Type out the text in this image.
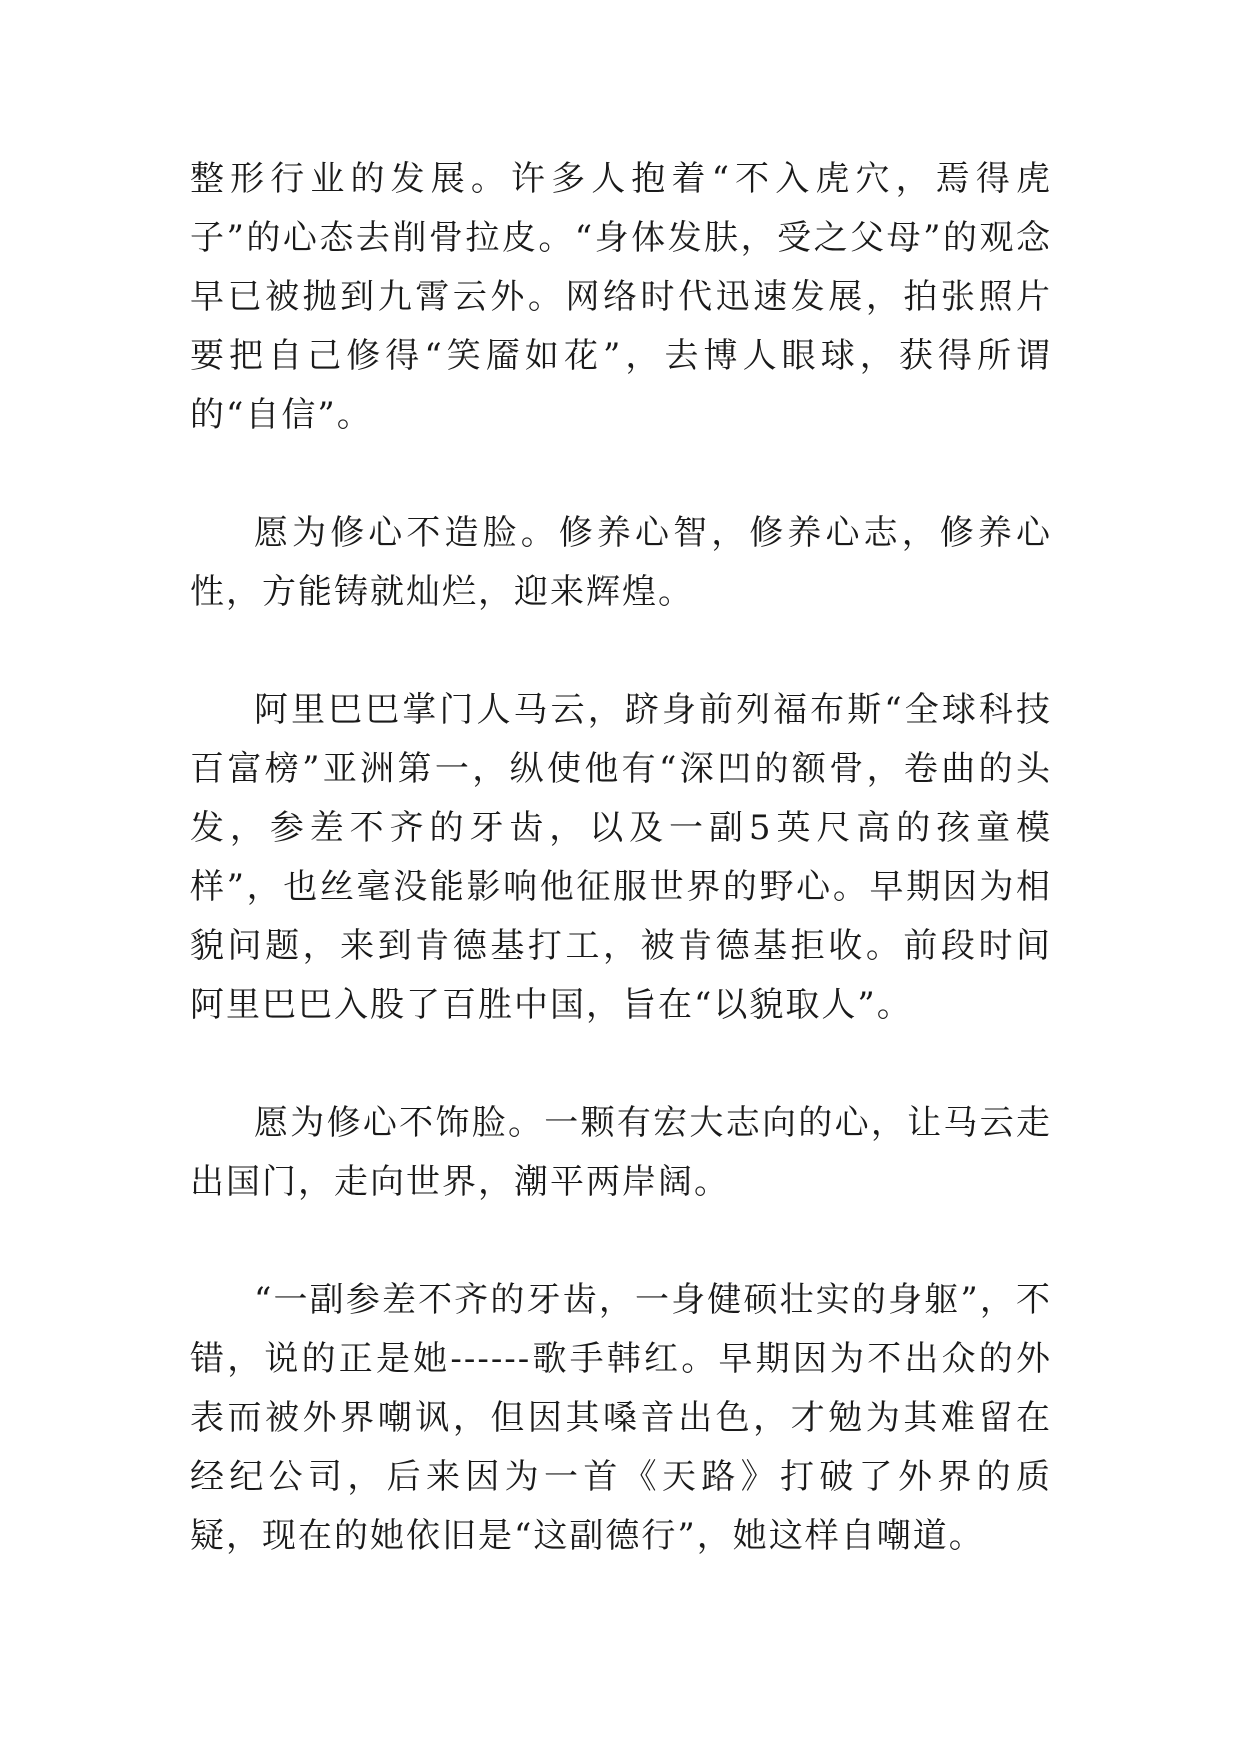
整形行业的发展。许多人抱着“不入虎穴，焉得虎子”的心态去削骨拉皮。“身体发肤，受之父母”的观念早已被抛到九霄云外。网络时代迅速发展，拍张照片要把自己修得“笑靥如花”，去博人眼球，获得所谓的“自信”。

愿为修心不造脸。修养心智，修养心志，修养心性，方能铸就灿烂，迎来辉煌。

阿里巴巴掌门人马云，跻身前列福布斯“全球科技百富榜”亚洲第一，纵使他有“深凹的额骨，卷曲的头发，参差不齐的牙齿，以及一副5英尺高的孩童模样”，也丝毫没能影响他征服世界的野心。早期因为相貌问题，来到肯德基打工，被肯德基拒收。前段时间阿里巴巴入股了百胜中国，旨在“以貌取人”。

愿为修心不饰脸。一颗有宏大志向的心，让马云走出国门，走向世界，潮平两岸阔。

“一副参差不齐的牙齿，一身健硕壮实的身躯”，不错，说的正是她------歌手韩红。早期因为不出众的外表而被外界嘲讽，但因其嗓音出色，才勉为其难留在经纪公司，后来因为一首《天路》打破了外界的质疑，现在的她依旧是“这副德行”，她这样自嘲道。
